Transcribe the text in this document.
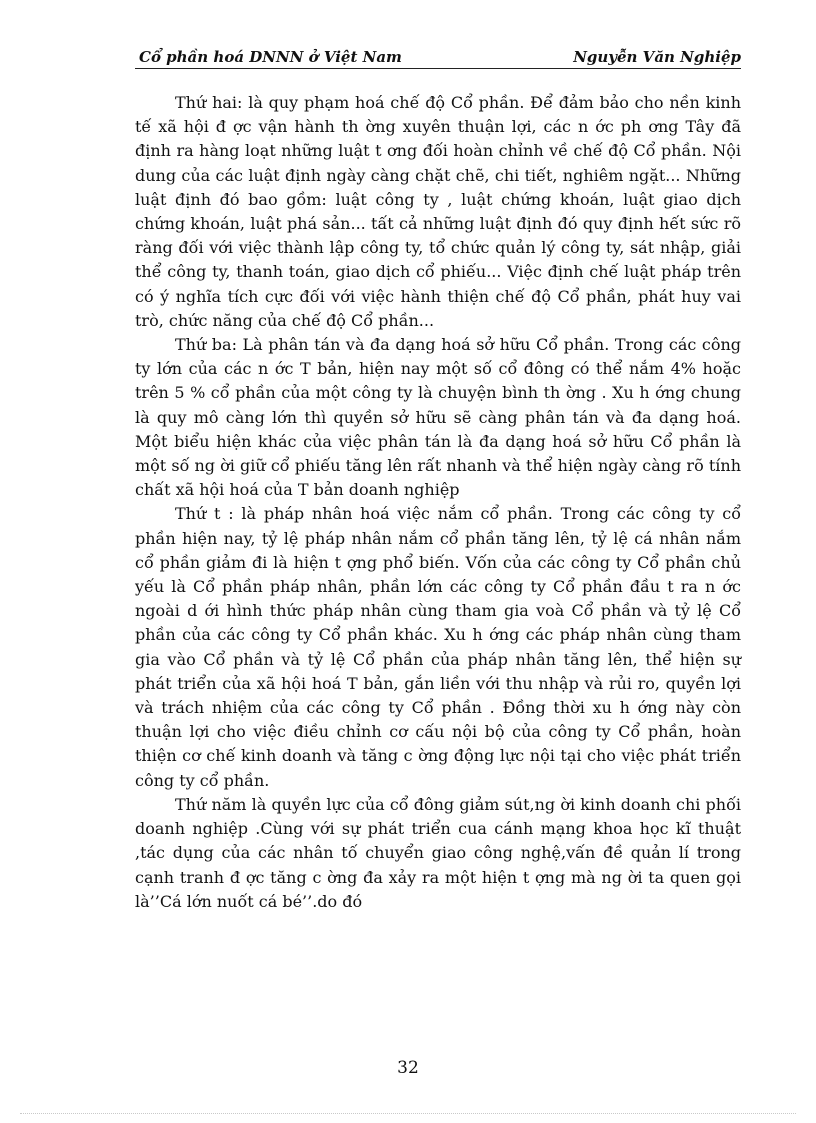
Cổ phần hoá DNNN ở Việt Nam	Nguyễn Văn Nghiệp

Thứ hai: là quy phạm hoá chế độ Cổ phần. Để đảm bảo cho nền kinh tế xã hội đ ợc vận hành th ờng xuyên thuận lợi, các n ớc ph ơng Tây đã định ra hàng loạt những luật t ơng đối hoàn chỉnh về chế độ Cổ phần. Nội dung của các luật định ngày càng chặt chẽ, chi tiết, nghiêm ngặt... Những luật định đó bao gồm: luật công ty , luật chứng khoán, luật giao dịch chứng khoán, luật phá sản... tất cả những luật định đó quy định hết sức rõ ràng đối với việc thành lập công ty, tổ chức quản lý công ty, sát nhập, giải thể công ty, thanh toán, giao dịch cổ phiếu... Việc định chế luật pháp trên có ý nghĩa tích cực đối với việc hành thiện chế độ Cổ phần, phát huy vai trò, chức năng của chế độ Cổ phần...

Thứ ba: Là phân tán và đa dạng hoá sở hữu Cổ phần. Trong các công ty lớn của các n ớc T bản, hiện nay một số cổ đông có thể nắm 4% hoặc trên 5 % cổ phần của một công ty là chuyện bình th ờng . Xu h ớng chung là quy mô càng lớn thì quyền sở hữu sẽ càng phân tán và đa dạng hoá. Một biểu hiện khác của việc phân tán là đa dạng hoá sở hữu Cổ phần là một số ng ời giữ cổ phiếu tăng lên rất nhanh và thể hiện ngày càng rõ tính chất xã hội hoá của T bản doanh nghiệp

Thứ t : là pháp nhân hoá việc nắm cổ phần. Trong các công ty cổ phần hiện nay, tỷ lệ pháp nhân nắm cổ phần tăng lên, tỷ lệ cá nhân nắm cổ phần giảm đi là hiện t ợng phổ biến. Vốn của các công ty Cổ phần chủ yếu là Cổ phần pháp nhân, phần lớn các công ty Cổ phần đầu t ra n ớc ngoài d ới hình thức pháp nhân cùng tham gia voà Cổ phần và tỷ lệ Cổ phần của các công ty Cổ phần khác. Xu h ớng các pháp nhân cùng tham gia vào Cổ phần và tỷ lệ Cổ phần của pháp nhân tăng lên, thể hiện sự phát triển của xã hội hoá T bản, gắn liền với thu nhập và rủi ro, quyền lợi và trách nhiệm của các công ty Cổ phần . Đồng thời xu h ớng này còn thuận lợi cho việc điều chỉnh cơ cấu nội bộ của công ty Cổ phần, hoàn thiện cơ chế kinh doanh và tăng c ờng động lực nội tại cho việc phát triển công ty cổ phần.

Thứ năm là quyền lực của cổ đông giảm sút,ng ời kinh doanh chi phối doanh nghiệp .Cùng với sự phát triển cua cánh mạng khoa học kĩ thuật ,tác dụng của các nhân tố chuyển giao công nghệ,vấn đề quản lí trong cạnh tranh đ ợc tăng c ờng đa xảy ra một hiện t ợng mà ng ời ta quen gọi là’’Cá lớn nuốt cá bé’’.do đó

32
